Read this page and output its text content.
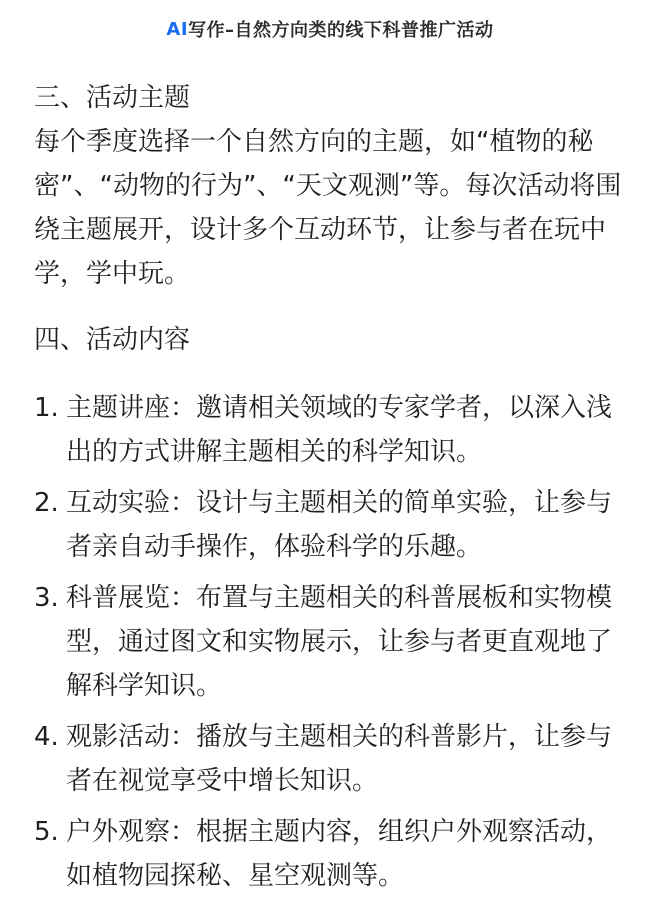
AI 写作–自然方向类的线下科普推广活动
三、活动主题

每个季度选择一个自然方向的主题，如“植物的秘密”、“动物的行为”、“天文观测”等。每次活动将围绕主题展开，设计多个互动环节，让参与者在玩中学，学中玩。

四、活动内容
1. 主题讲座：邀请相关领域的专家学者，以深入浅出的方式讲解主题相关的科学知识。
2. 互动实验：设计与主题相关的简单实验，让参与者亲自动手操作，体验科学的乐趣。
3. 科普展览：布置与主题相关的科普展板和实物模型，通过图文和实物展示，让参与者更直观地了解科学知识。
4. 观影活动：播放与主题相关的科普影片，让参与者在视觉享受中增长知识。
5. 户外观察：根据主题内容，组织户外观察活动，如植物园探秘、星空观测等。
